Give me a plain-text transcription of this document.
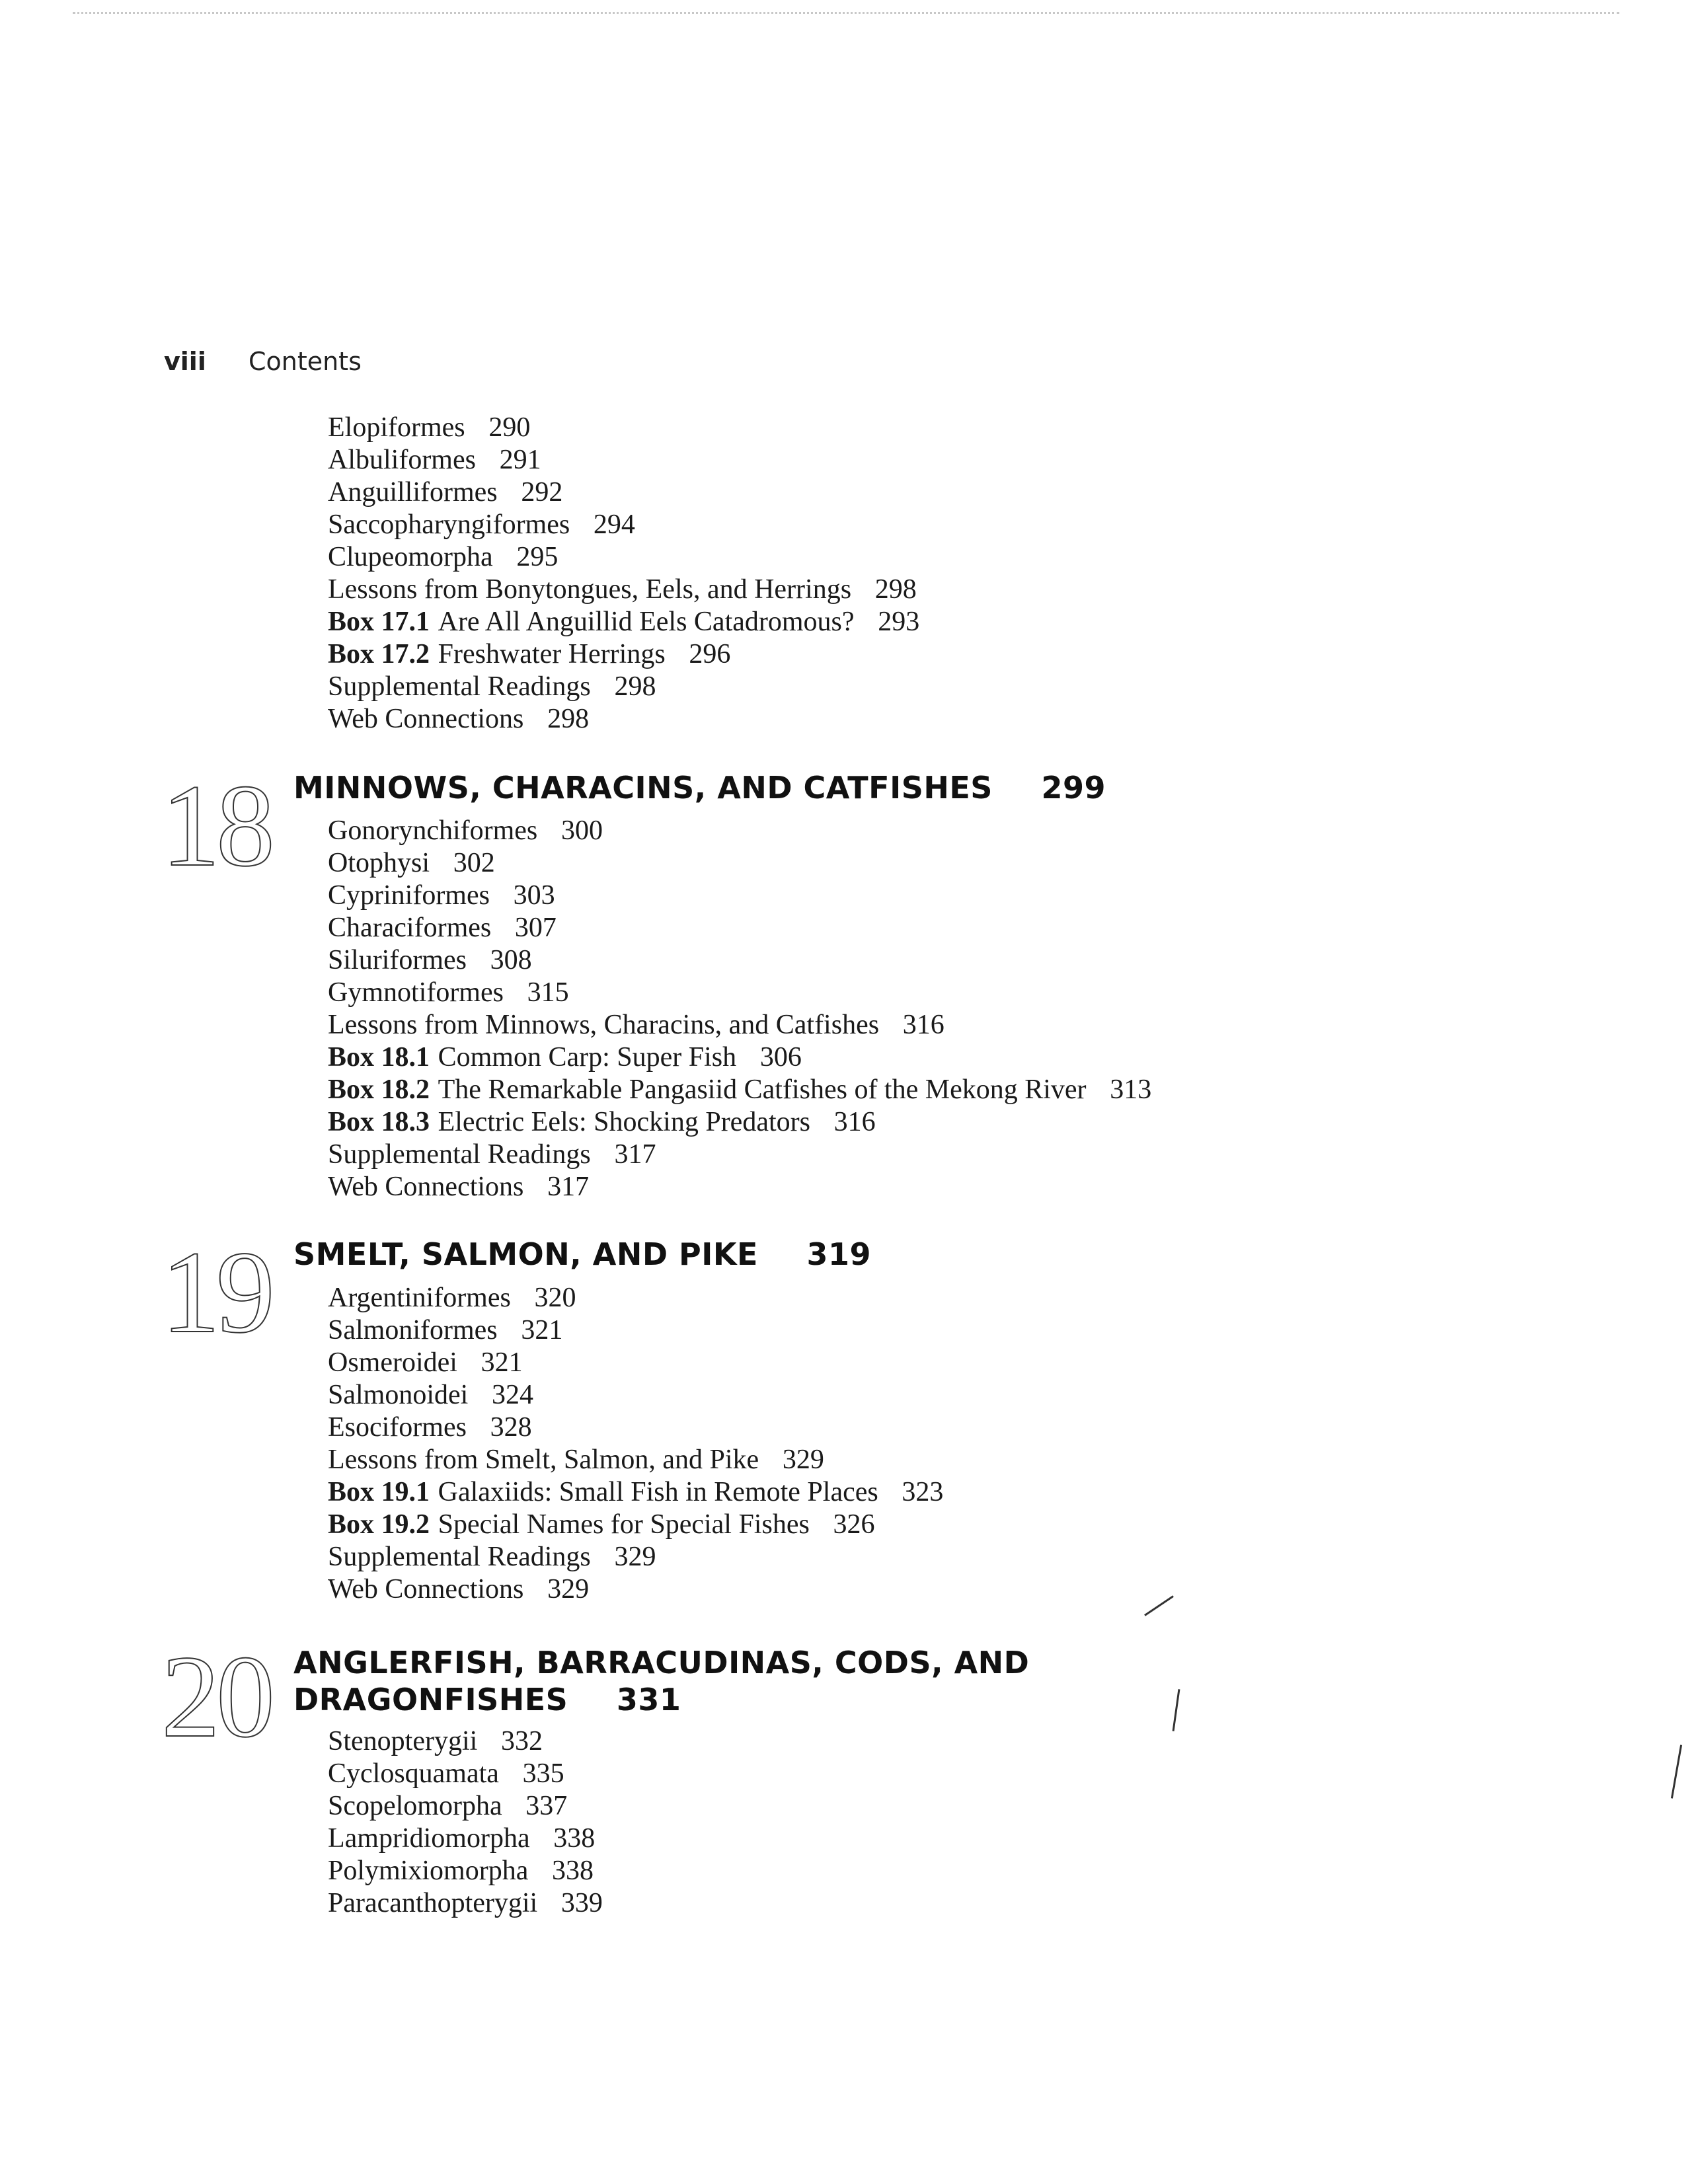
viii Contents
Elopiformes 290
Albuliformes 291
Anguilliformes 292
Saccopharyngiformes 294
Clupeomorpha 295
Lessons from Bonytongues, Eels, and Herrings 298
Box 17.1 Are All Anguillid Eels Catadromous? 293
Box 17.2 Freshwater Herrings 296
Supplemental Readings 298
Web Connections 298
18 MINNOWS, CHARACINS, AND CATFISHES 299
Gonorynchiformes 300
Otophysi 302
Cypriniformes 303
Characiformes 307
Siluriformes 308
Gymnotiformes 315
Lessons from Minnows, Characins, and Catfishes 316
Box 18.1 Common Carp: Super Fish 306
Box 18.2 The Remarkable Pangasiid Catfishes of the Mekong River 313
Box 18.3 Electric Eels: Shocking Predators 316
Supplemental Readings 317
Web Connections 317
19 SMELT, SALMON, AND PIKE 319
Argentiniformes 320
Salmoniformes 321
Osmeroidei 321
Salmonoidei 324
Esociformes 328
Lessons from Smelt, Salmon, and Pike 329
Box 19.1 Galaxiids: Small Fish in Remote Places 323
Box 19.2 Special Names for Special Fishes 326
Supplemental Readings 329
Web Connections 329
20 ANGLERFISH, BARRACUDINAS, CODS, AND
DRAGONFISHES 331
Stenopterygii 332
Cyclosquamata 335
Scopelomorpha 337
Lampridiomorpha 338
Polymixiomorpha 338
Paracanthopterygii 339
